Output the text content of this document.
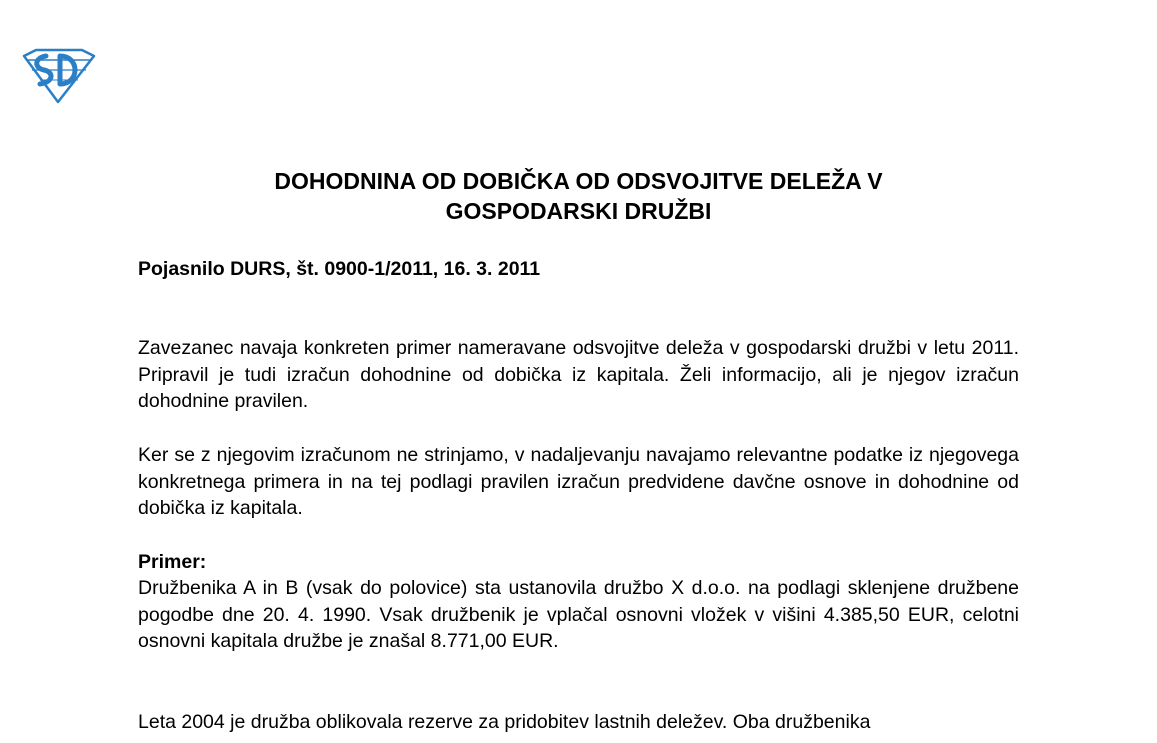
DOHODNINA OD DOBIČKA OD ODSVOJITVE DELEŽA V
GOSPODARSKI DRUŽBI

Pojasnilo DURS, št. 0900-1/2011, 16. 3. 2011

Zavezanec navaja konkreten primer nameravane odsvojitve deleža v gospodarski družbi v letu 2011. Pripravil je tudi izračun dohodnine od dobička iz kapitala. Želi informacijo, ali je njegov izračun dohodnine pravilen.

Ker se z njegovim izračunom ne strinjamo, v nadaljevanju navajamo relevantne podatke iz njegovega konkretnega primera in na tej podlagi pravilen izračun predvidene davčne osnove in dohodnine od dobička iz kapitala.

Primer:

Družbenika A in B (vsak do polovice) sta ustanovila družbo X d.o.o. na podlagi sklenjene družbene pogodbe dne 20. 4. 1990. Vsak družbenik je vplačal osnovni vložek v višini 4.385,50 EUR, celotni osnovni kapitala družbe je znašal 8.771,00 EUR.

Leta 2004 je družba oblikovala rezerve za pridobitev lastnih deležev. Oba družbenika
